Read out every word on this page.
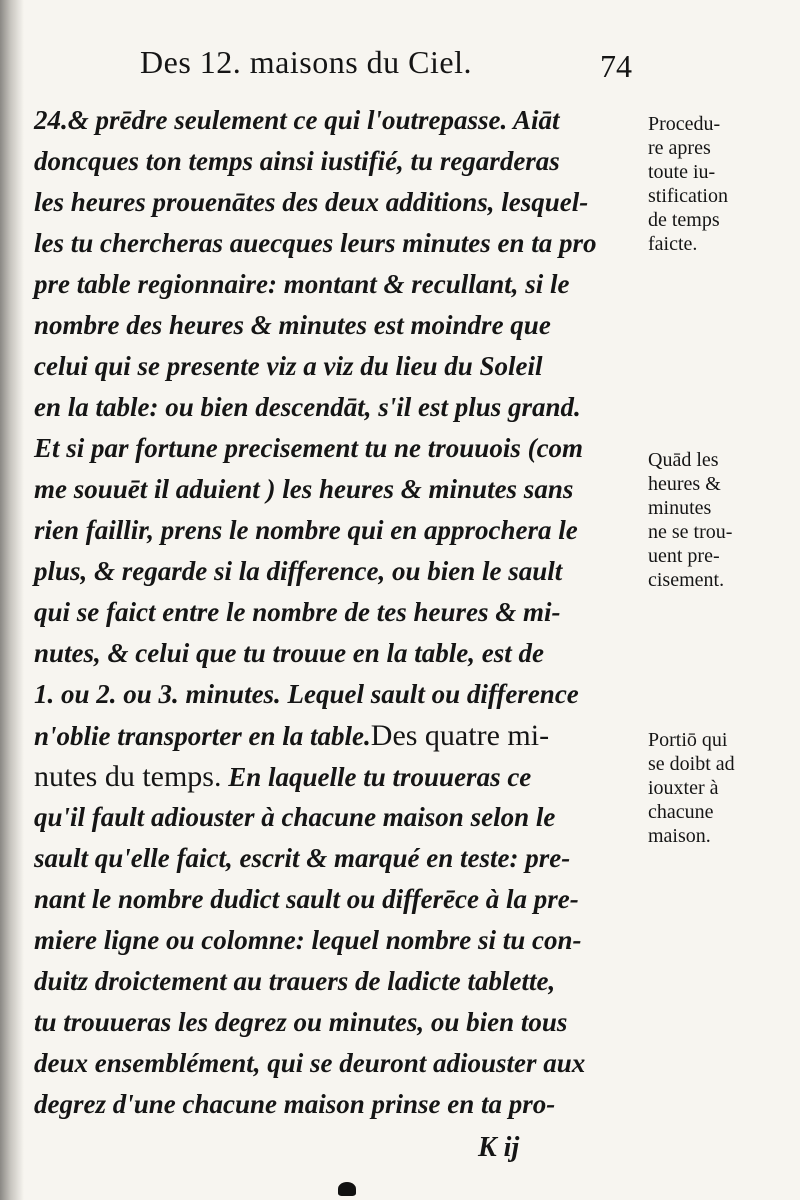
Des 12. maisons du Ciel.	74
24.& prēdre seulement ce qui l'outrepasse. Aiāt
doncques ton temps ainsi iustifié, tu regarderas
les heures prouenātes des deux additions, lesquel-
les tu chercheras auecques leurs minutes en ta pro
pre table regionnaire: montant & recullant, si le
nombre des heures & minutes est moindre que
celui qui se presente viz a viz du lieu du Soleil
en la table: ou bien descendāt, s'il est plus grand.
Et si par fortune precisement tu ne trouuois (com
me souuēt il aduient ) les heures & minutes sans
rien faillir, prens le nombre qui en approchera le
plus, & regarde si la difference, ou bien le sault
qui se faict entre le nombre de tes heures & mi-
nutes, & celui que tu trouue en la table, est de
1. ou 2. ou 3. minutes. Lequel sault ou difference
n'oblie transporter en la table.Des quatre mi-
nutes du temps. En laquelle tu trouueras ce
qu'il fault adiouster à chacune maison selon le
sault qu'elle faict, escrit & marqué en teste: pre-
nant le nombre dudict sault ou differēce à la pre-
miere ligne ou colomne: lequel nombre si tu con-
duitz droictement au trauers de ladicte tablette,
tu trouueras les degrez ou minutes, ou bien tous
deux ensemblément, qui se deuront adiouster aux
degrez d'une chacune maison prinse en ta pro-
Procedu-
re apres
toute iu-
stification
de temps
faicte.
Quād les
heures &
minutes
ne se trou-
uent pre-
cisement.
Portiō qui
se doibt ad
iouxter à
chacune
maison.
K ij
